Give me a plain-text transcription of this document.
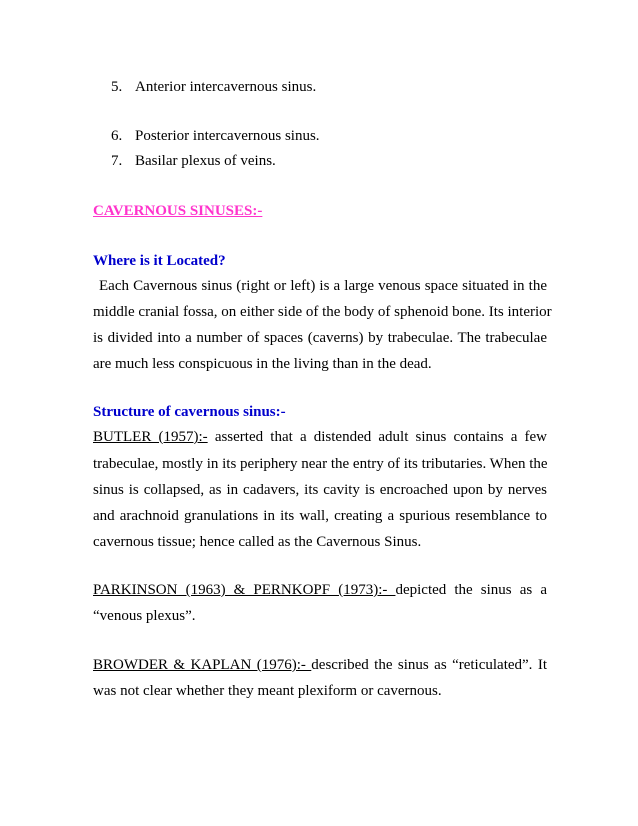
5. Anterior intercavernous sinus.
6. Posterior intercavernous sinus.
7. Basilar plexus of veins.
CAVERNOUS SINUSES:-
Where is it Located?
Each Cavernous sinus (right or left) is a large venous space situated in the
middle cranial fossa, on either side of the body of sphenoid bone. Its interior
is divided into a number of spaces (caverns) by trabeculae. The trabeculae
are much less conspicuous in the living than in the dead.
Structure of cavernous sinus:-
BUTLER (1957):- asserted that a distended adult sinus contains a few
trabeculae, mostly in its periphery near the entry of its tributaries. When the
sinus is collapsed, as in cadavers, its cavity is encroached upon by nerves
and arachnoid granulations in its wall, creating a spurious resemblance to
cavernous tissue; hence called as the Cavernous Sinus.
PARKINSON (1963) & PERNKOPF (1973):- depicted the sinus as a
“venous plexus”.
BROWDER & KAPLAN (1976):- described the sinus as “reticulated”. It
was not clear whether they meant plexiform or cavernous.
